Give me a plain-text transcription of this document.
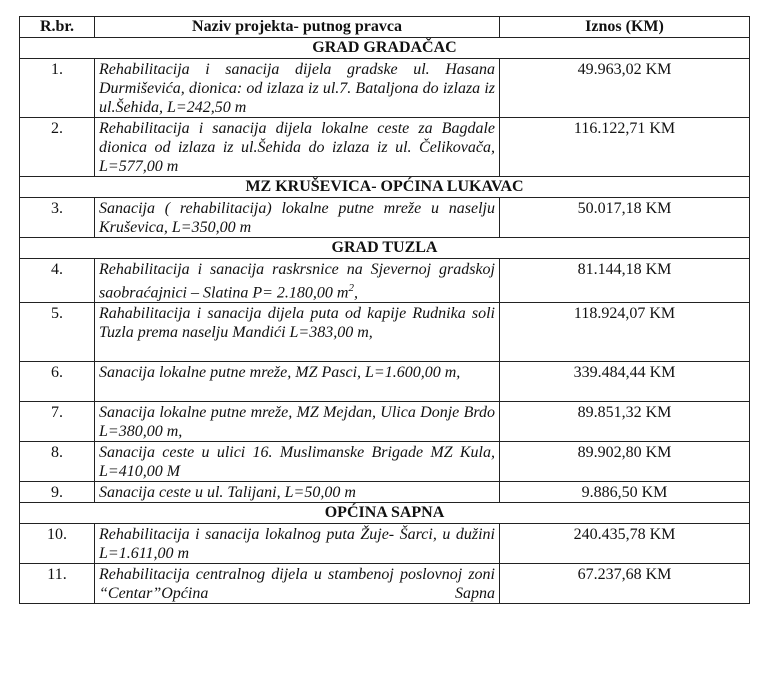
R.br.	Naziv projekta- putnog pravca	Iznos (KM)
GRAD GRADAČAC		
1.	Rehabilitacija i sanacija dijela gradske ul. Hasana Durmiševića, dionica: od izlaza iz ul.7. Bataljona do izlaza iz ul.Šehida, L=242,50 m	49.963,02 KM
2.	Rehabilitacija i sanacija dijela lokalne ceste za Bagdale dionica od izlaza iz ul.Šehida do izlaza iz ul. Čelikovača, L=577,00 m	116.122,71 KM
MZ KRUŠEVICA- OPĆINA LUKAVAC		
3.	Sanacija ( rehabilitacija) lokalne putne mreže u naselju Kruševica, L=350,00 m	50.017,18 KM
GRAD TUZLA		
4.	Rehabilitacija i sanacija raskrsnice na Sjevernoj gradskoj saobraćajnici – Slatina P= 2.180,00 $m^2$,	81.144,18 KM
5.	Rahabilitacija i sanacija dijela puta od kapije Rudnika soli Tuzla prema naselju Mandići L=383,00 m,	118.924,07 KM
6.	Sanacija lokalne putne mreže, MZ Pasci, L=1.600,00 m,	339.484,44 KM
7.	Sanacija lokalne putne mreže, MZ Mejdan, Ulica Donje Brdo L=380,00 m,	89.851,32 KM
8.	Sanacija ceste u ulici 16. Muslimanske Brigade MZ Kula, L=410,00 M	89.902,80 KM
9.	Sanacija ceste u ul. Talijani, L=50,00 m	9.886,50 KM
OPĆINA SAPNA		
10.	Rehabilitacija i sanacija lokalnog puta Žuje- Šarci, u dužini L=1.611,00 m	240.435,78 KM
11.	Rehabilitacija centralnog dijela u stambenoj poslovnoj zoni “Centar”Općina Sapna	67.237,68 KM
